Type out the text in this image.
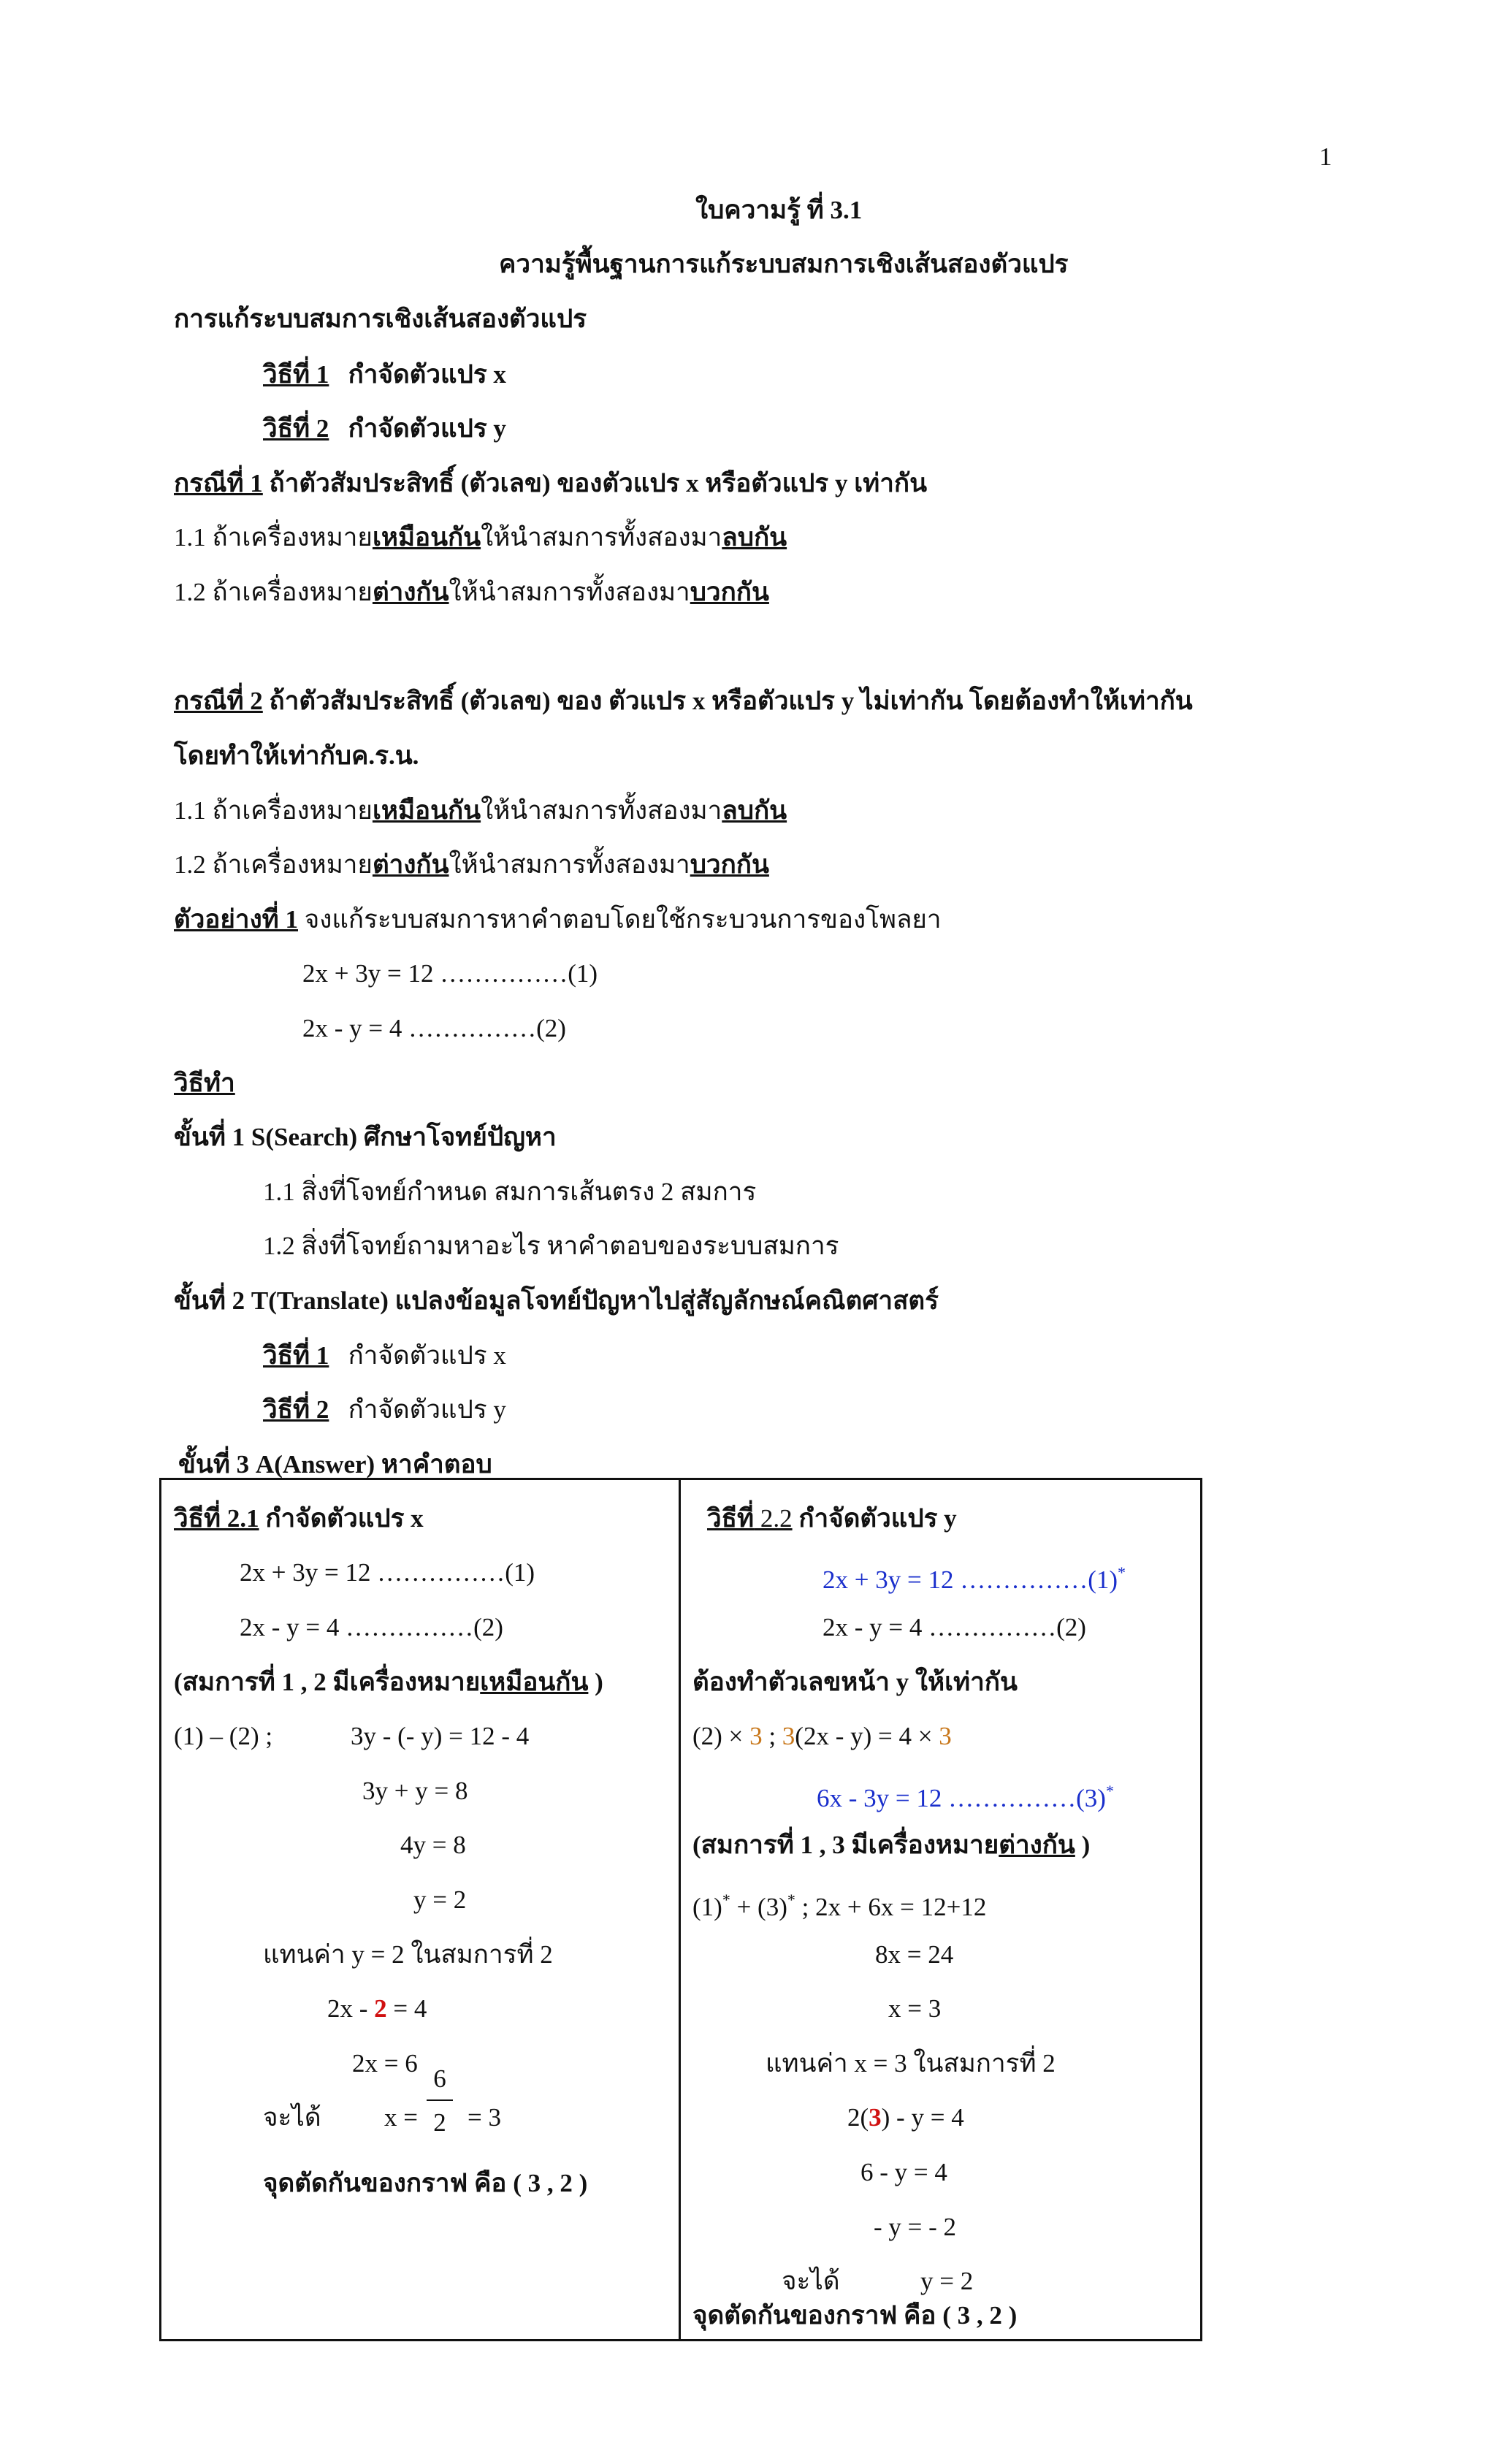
1
ใบความรู้ ที่ 3.1
ความรู้พื้นฐานการแก้ระบบสมการเชิงเส้นสองตัวแปร
การแก้ระบบสมการเชิงเส้นสองตัวแปร
วิธีที่ 1 กำจัดตัวแปร x
วิธีที่ 2 กำจัดตัวแปร y
กรณีที่ 1 ถ้าตัวสัมประสิทธิ์ (ตัวเลข) ของตัวแปร x หรือตัวแปร y เท่ากัน
1.1 ถ้าเครื่องหมายเหมือนกันให้นำสมการทั้งสองมาลบกัน
1.2 ถ้าเครื่องหมายต่างกันให้นำสมการทั้งสองมาบวกกัน
กรณีที่ 2 ถ้าตัวสัมประสิทธิ์ (ตัวเลข) ของ ตัวแปร x หรือตัวแปร y ไม่เท่ากัน โดยต้องทำให้เท่ากัน
โดยทำให้เท่ากับค.ร.น.
1.1 ถ้าเครื่องหมายเหมือนกันให้นำสมการทั้งสองมาลบกัน
1.2 ถ้าเครื่องหมายต่างกันให้นำสมการทั้งสองมาบวกกัน
ตัวอย่างที่ 1 จงแก้ระบบสมการหาคำตอบโดยใช้กระบวนการของโพลยา
2x + 3y = 12 ……………(1)
2x - y = 4 ……………(2)
วิธีทำ
ขั้นที่ 1 S(Search) ศึกษาโจทย์ปัญหา
1.1 สิ่งที่โจทย์กำหนด สมการเส้นตรง 2 สมการ
1.2 สิ่งที่โจทย์ถามหาอะไร หาคำตอบของระบบสมการ
ขั้นที่ 2 T(Translate) แปลงข้อมูลโจทย์ปัญหาไปสู่สัญลักษณ์คณิตศาสตร์
วิธีที่ 1 กำจัดตัวแปร x
วิธีที่ 2 กำจัดตัวแปร y
ขั้นที่ 3 A(Answer) หาคำตอบ
วิธีที่ 2.1 กำจัดตัวแปร x
2x + 3y = 12 ……………(1)
2x - y = 4 ……………(2)
(สมการที่ 1 , 2 มีเครื่องหมายเหมือนกัน )
(1) – (2) ;	3y - (- y) = 12 - 4
3y + y = 8
4y = 8
y = 2
แทนค่า y = 2 ในสมการที่ 2
2x - 2 = 4
2x = 6
จะได้ x =
6
2 = 3
จุดตัดกันของกราฟ คือ ( 3 , 2 )
วิธีที่ 2.2 กำจัดตัวแปร y
2x + 3y = 12 ……………(1)*
2x - y = 4 ……………(2)
ต้องทำตัวเลขหน้า y ให้เท่ากัน
(2) × 3 ; 3(2x - y) = 4 × 3
6x - 3y = 12 ……………(3)*
(สมการที่ 1 , 3 มีเครื่องหมายต่างกัน )
(1)* + (3)* ; 2x + 6x = 12+12
8x = 24
x = 3
แทนค่า x = 3 ในสมการที่ 2
2(3) - y = 4
6 - y = 4
- y = - 2
จะได้	y = 2
จุดตัดกันของกราฟ คือ ( 3 , 2 )
